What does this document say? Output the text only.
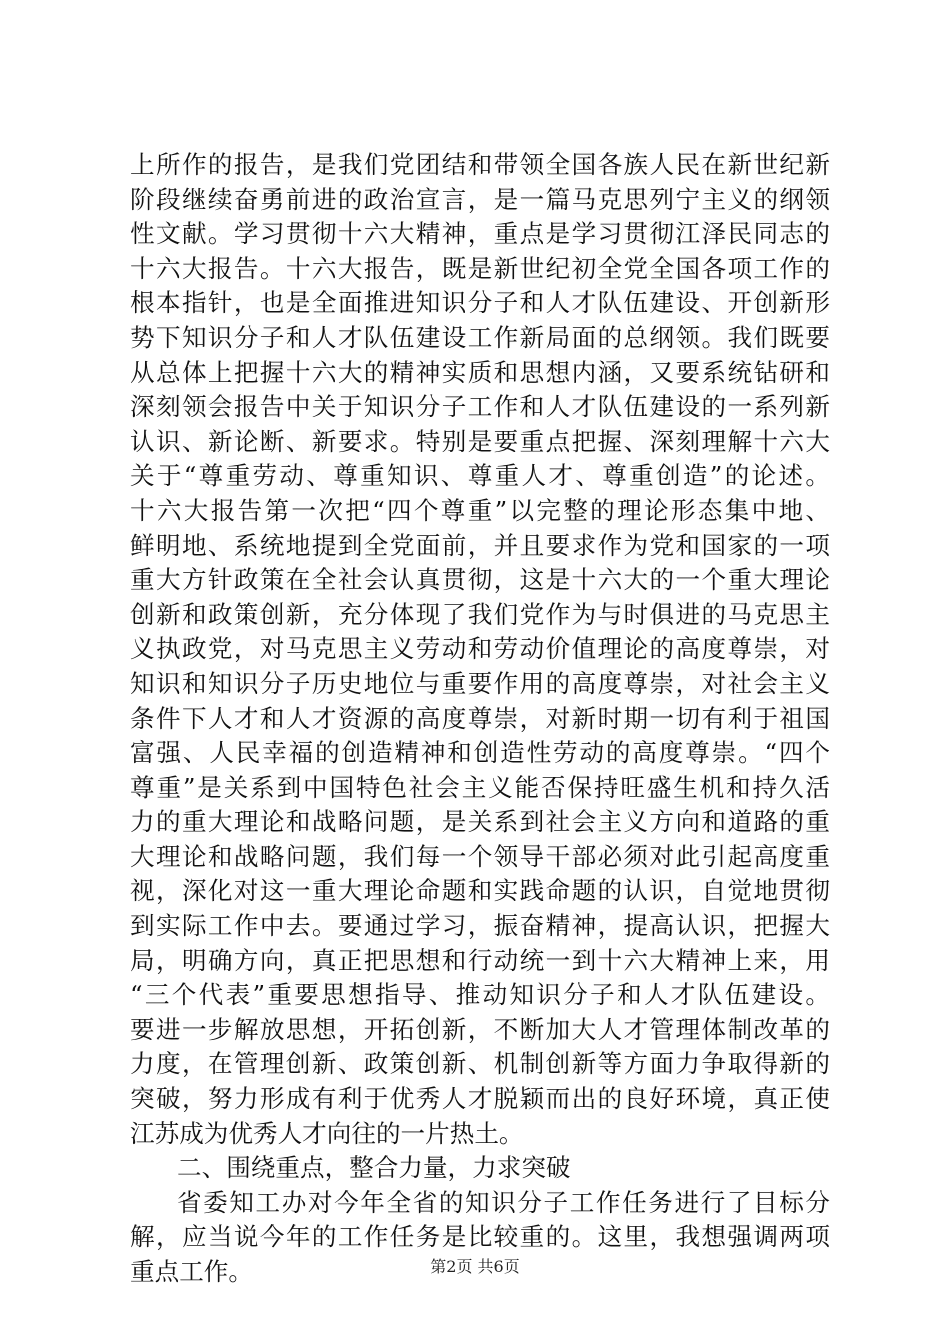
上所作的报告，是我们党团结和带领全国各族人民在新世纪新
阶段继续奋勇前进的政治宣言，是一篇马克思列宁主义的纲领
性文献。学习贯彻十六大精神，重点是学习贯彻江泽民同志的
十六大报告。十六大报告，既是新世纪初全党全国各项工作的
根本指针，也是全面推进知识分子和人才队伍建设、开创新形
势下知识分子和人才队伍建设工作新局面的总纲领。我们既要
从总体上把握十六大的精神实质和思想内涵，又要系统钻研和
深刻领会报告中关于知识分子工作和人才队伍建设的一系列新
认识、新论断、新要求。特别是要重点把握、深刻理解十六大
关于“尊重劳动、尊重知识、尊重人才、尊重创造”的论述。
十六大报告第一次把“四个尊重”以完整的理论形态集中地、
鲜明地、系统地提到全党面前，并且要求作为党和国家的一项
重大方针政策在全社会认真贯彻，这是十六大的一个重大理论
创新和政策创新，充分体现了我们党作为与时俱进的马克思主
义执政党，对马克思主义劳动和劳动价值理论的高度尊崇，对
知识和知识分子历史地位与重要作用的高度尊崇，对社会主义
条件下人才和人才资源的高度尊崇，对新时期一切有利于祖国
富强、人民幸福的创造精神和创造性劳动的高度尊崇。“四个
尊重”是关系到中国特色社会主义能否保持旺盛生机和持久活
力的重大理论和战略问题，是关系到社会主义方向和道路的重
大理论和战略问题，我们每一个领导干部必须对此引起高度重
视，深化对这一重大理论命题和实践命题的认识，自觉地贯彻
到实际工作中去。要通过学习，振奋精神，提高认识，把握大
局，明确方向，真正把思想和行动统一到十六大精神上来，用
“三个代表”重要思想指导、推动知识分子和人才队伍建设。
要进一步解放思想，开拓创新，不断加大人才管理体制改革的
力度，在管理创新、政策创新、机制创新等方面力争取得新的
突破，努力形成有利于优秀人才脱颖而出的良好环境，真正使
江苏成为优秀人才向往的一片热土。
二、围绕重点，整合力量，力求突破
省委知工办对今年全省的知识分子工作任务进行了目标分
解，应当说今年的工作任务是比较重的。这里，我想强调两项
重点工作。	第2页 共6页
